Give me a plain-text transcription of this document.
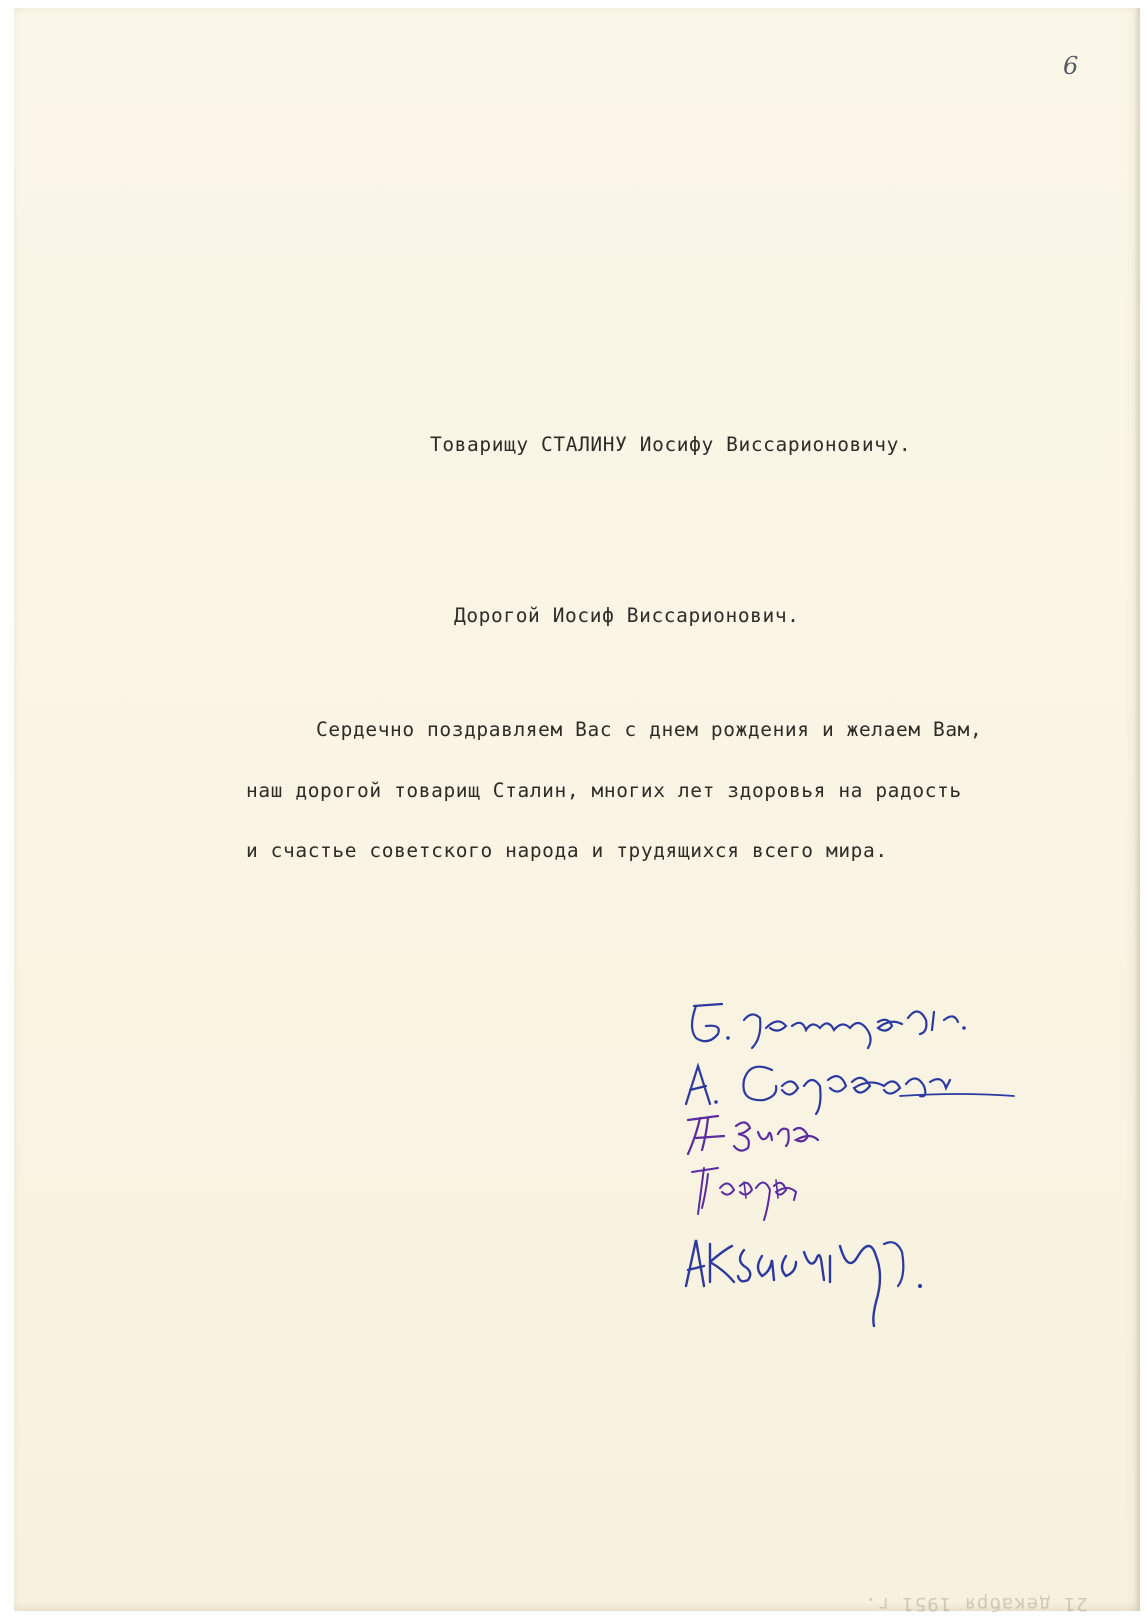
6
Товарищу СТАЛИНУ Иосифу Виссарионовичу.
Дорогой Иосиф Виссарионович.
Сердечно поздравляем Вас с днем рождения и желаем Вам,
наш дорогой товарищ Сталин, многих лет здоровья на радость
и счастье советского народа и трудящихся всего мира.
21 декабря 1951 г.
